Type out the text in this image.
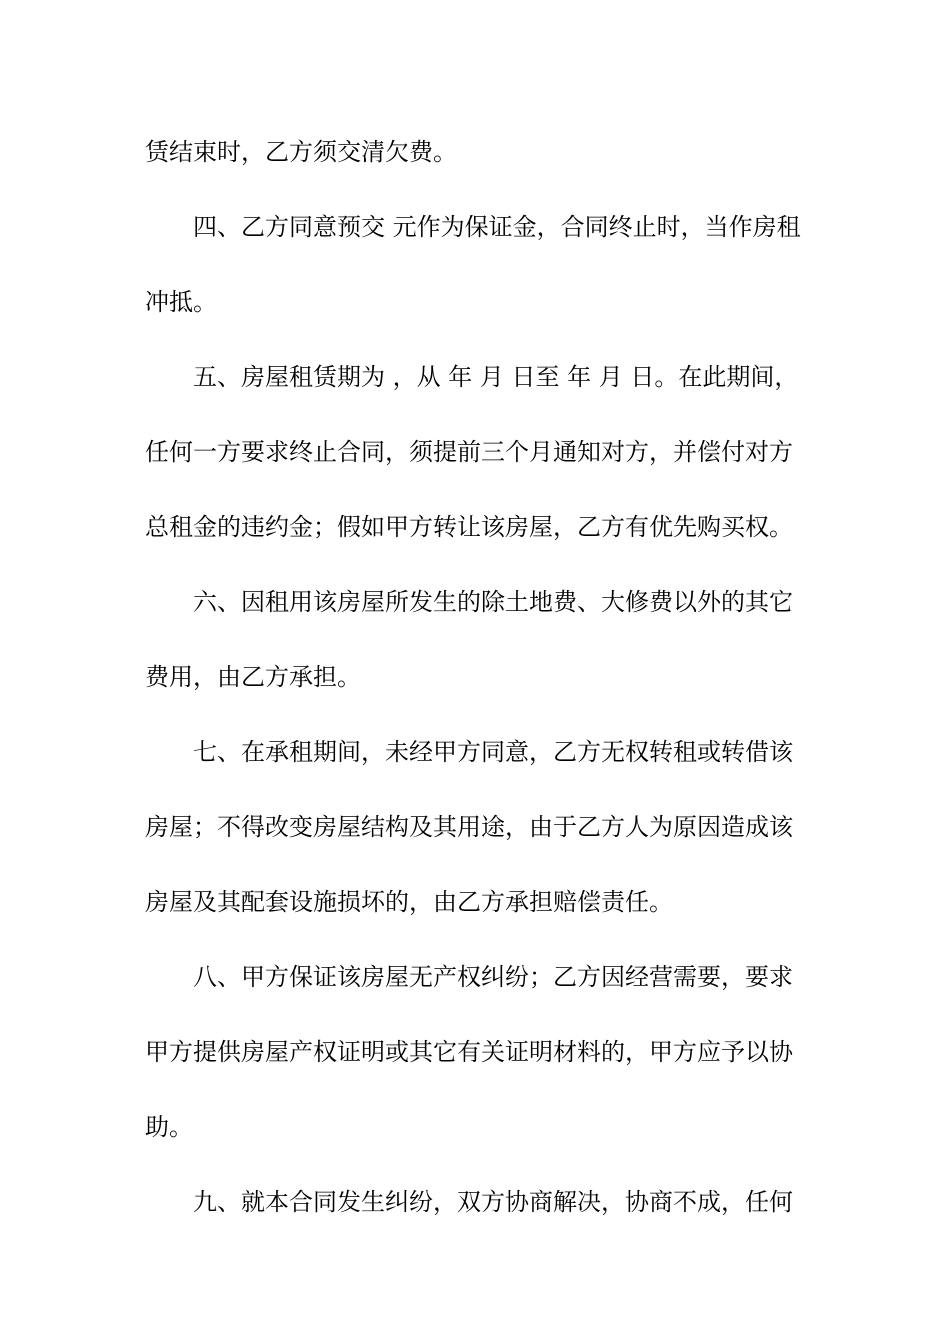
赁结束时，乙方须交清欠费。
四、乙方同意预交 元作为保证金，合同终止时，当作房租
冲抵。
五、房屋租赁期为 ，从 年 月 日至 年 月 日。在此期间，
任何一方要求终止合同，须提前三个月通知对方，并偿付对方
总租金的违约金；假如甲方转让该房屋，乙方有优先购买权。
六、因租用该房屋所发生的除土地费、大修费以外的其它
费用，由乙方承担。
七、在承租期间，未经甲方同意，乙方无权转租或转借该
房屋；不得改变房屋结构及其用途，由于乙方人为原因造成该
房屋及其配套设施损坏的，由乙方承担赔偿责任。
八、甲方保证该房屋无产权纠纷；乙方因经营需要，要求
甲方提供房屋产权证明或其它有关证明材料的，甲方应予以协
助。
九、就本合同发生纠纷，双方协商解决，协商不成，任何
